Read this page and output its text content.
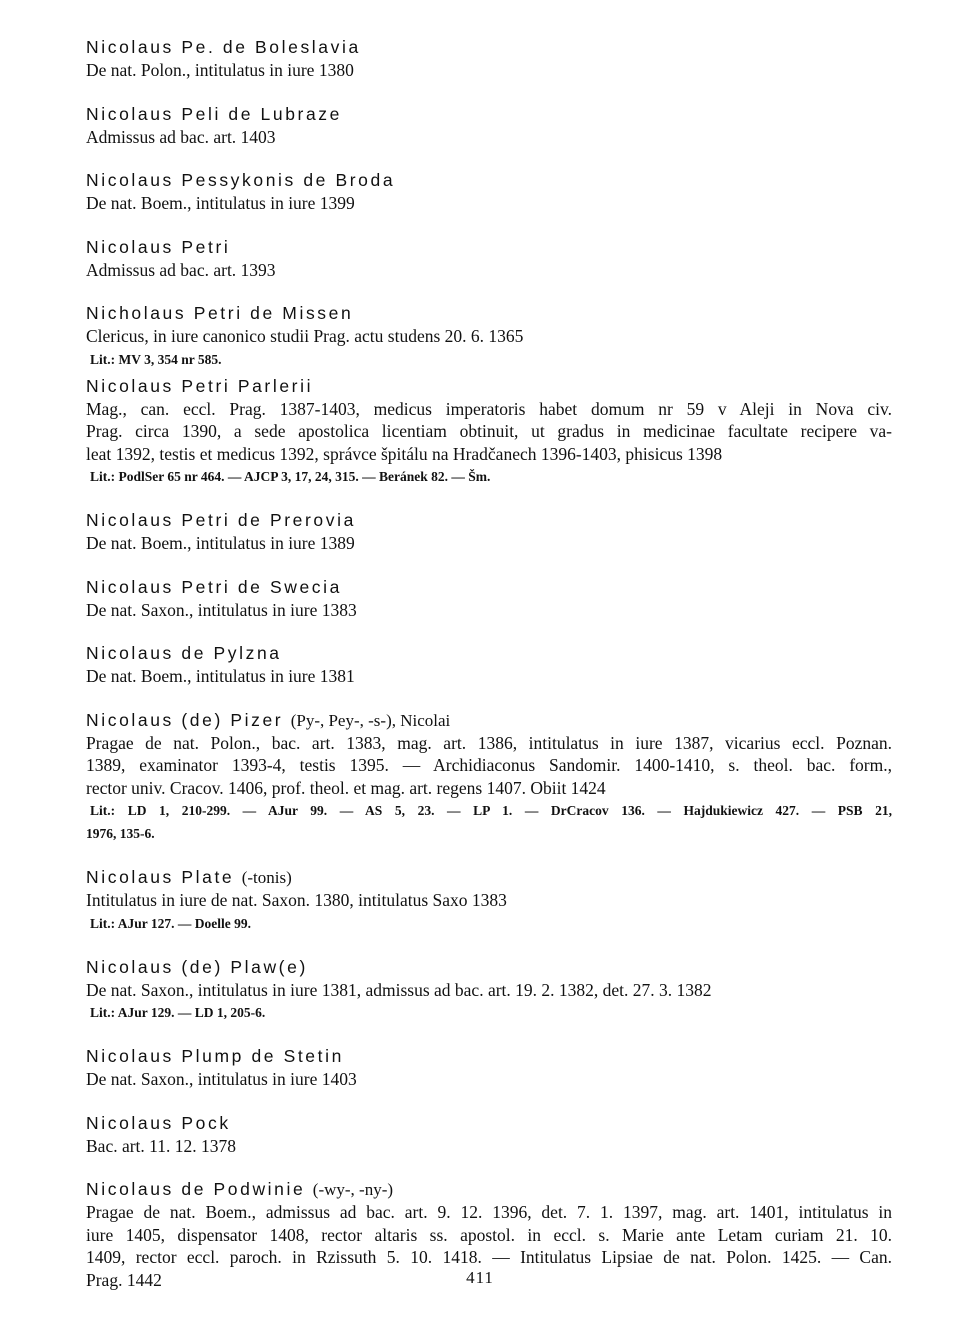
Nicolaus Pe. de Boleslavia
De nat. Polon., intitulatus in iure 1380
Nicolaus Peli de Lubraze
Admissus ad bac. art. 1403
Nicolaus Pessykonis de Broda
De nat. Boem., intitulatus in iure 1399
Nicolaus Petri
Admissus ad bac. art. 1393
Nicholaus Petri de Missen
Clericus, in iure canonico studii Prag. actu studens 20. 6. 1365
Lit.: MV 3, 354 nr 585.
Nicolaus Petri Parlerii
Mag., can. eccl. Prag. 1387-1403, medicus imperatoris habet domum nr 59 v Aleji in Nova civ.
Prag. circa 1390, a sede apostolica licentiam obtinuit, ut gradus in medicinae facultate recipere va-
leat 1392, testis et medicus 1392, správce špitálu na Hradčanech 1396-1403, phisicus 1398
Lit.: PodlSer 65 nr 464. — AJCP 3, 17, 24, 315. — Beránek 82. — Šm.
Nicolaus Petri de Prerovia
De nat. Boem., intitulatus in iure 1389
Nicolaus Petri de Swecia
De nat. Saxon., intitulatus in iure 1383
Nicolaus de Pylzna
De nat. Boem., intitulatus in iure 1381
Nicolaus (de) Pizer (Py-, Pey-, -s-), Nicolai
Pragae de nat. Polon., bac. art. 1383, mag. art. 1386, intitulatus in iure 1387, vicarius eccl. Poznan.
1389, examinator 1393-4, testis 1395. — Archidiaconus Sandomir. 1400-1410, s. theol. bac. form.,
rector univ. Cracov. 1406, prof. theol. et mag. art. regens 1407. Obiit 1424
Lit.: LD 1, 210-299. — AJur 99. — AS 5, 23. — LP 1. — DrCracov 136. — Hajdukiewicz 427. — PSB 21,
1976, 135-6.
Nicolaus Plate (-tonis)
Intitulatus in iure de nat. Saxon. 1380, intitulatus Saxo 1383
Lit.: AJur 127. — Doelle 99.
Nicolaus (de) Plaw(e)
De nat. Saxon., intitulatus in iure 1381, admissus ad bac. art. 19. 2. 1382, det. 27. 3. 1382
Lit.: AJur 129. — LD 1, 205-6.
Nicolaus Plump de Stetin
De nat. Saxon., intitulatus in iure 1403
Nicolaus Pock
Bac. art. 11. 12. 1378
Nicolaus de Podwinie (-wy-, -ny-)
Pragae de nat. Boem., admissus ad bac. art. 9. 12. 1396, det. 7. 1. 1397, mag. art. 1401, intitulatus in
iure 1405, dispensator 1408, rector altaris ss. apostol. in eccl. s. Marie ante Letam curiam 21. 10.
1409, rector eccl. paroch. in Rzissuth 5. 10. 1418. — Intitulatus Lipsiae de nat. Polon. 1425. — Can.
Prag. 1442	411
